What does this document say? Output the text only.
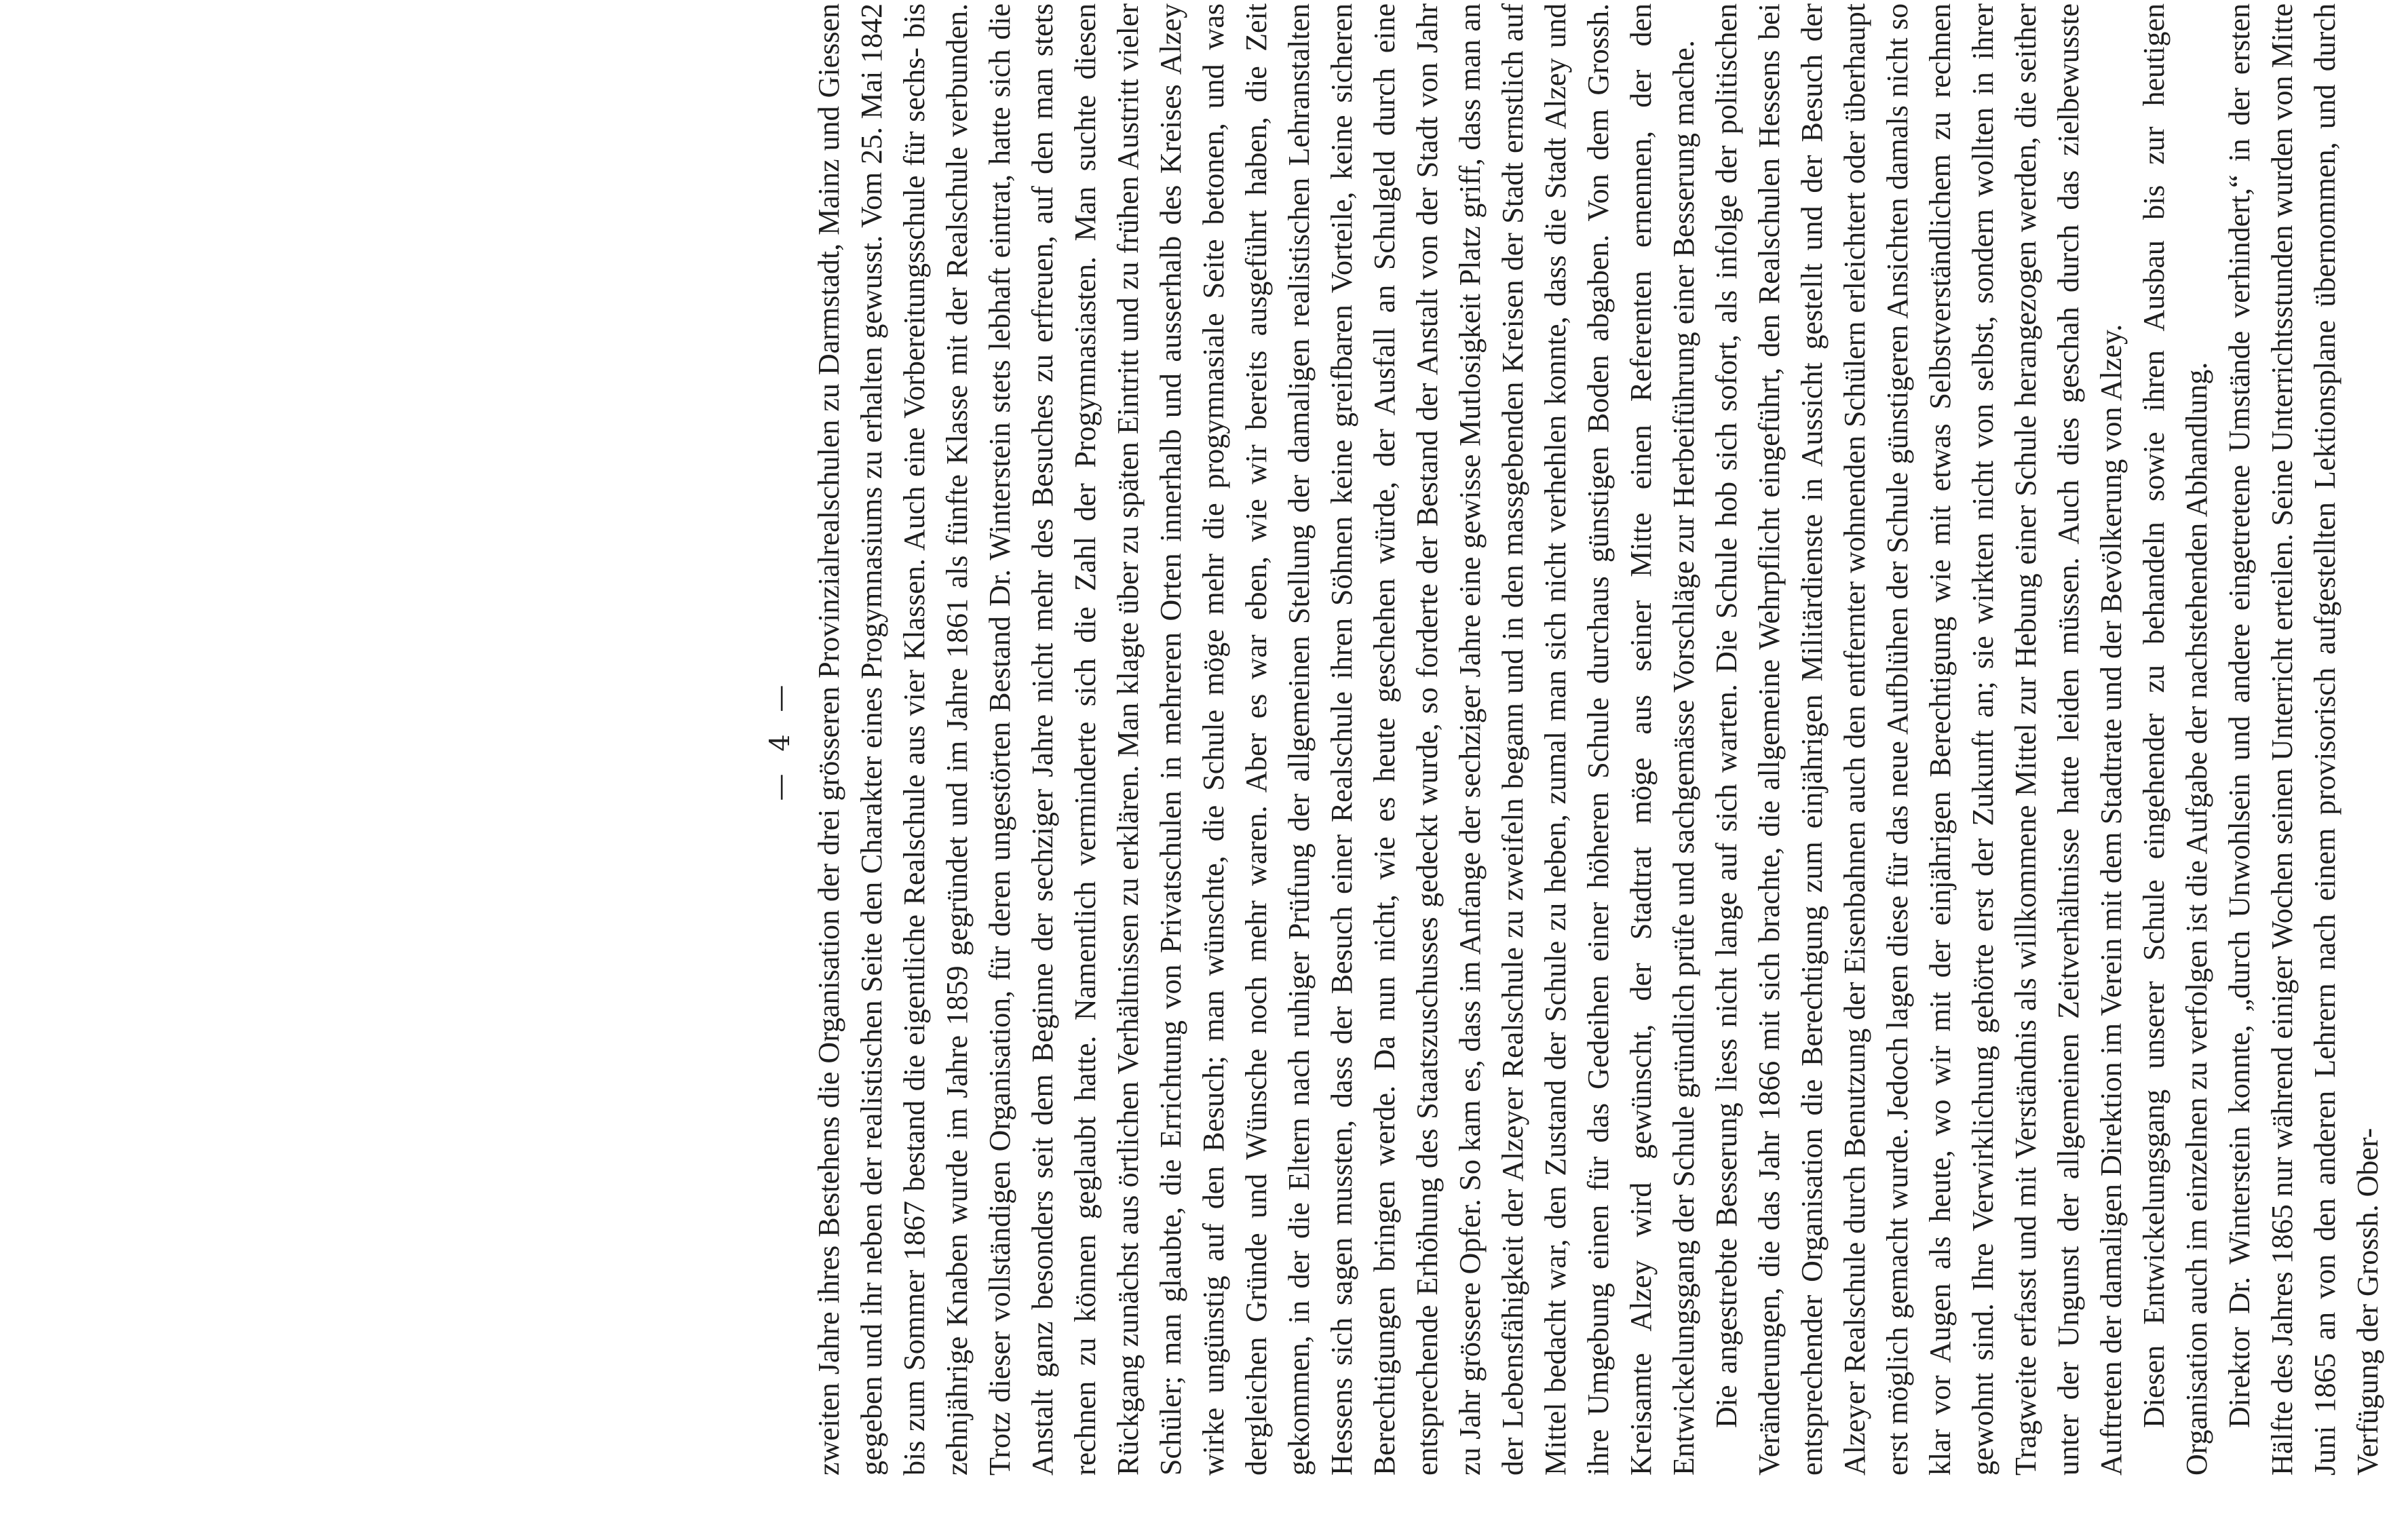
— 4 — zweiten Jahre ihres Bestehens die Organisation der drei grösseren Provinzialrealschulen zu Darmstadt, Mainz und Giessen gegeben und ihr neben der realistischen Seite den Charakter eines Progymnasiums zu erhalten gewusst. Vom 25. Mai 1842 bis zum Sommer 1867 bestand die eigentliche Realschule aus vier Klassen. Auch eine Vorbereitungsschule für sechs- bis zehnjährige Knaben wurde im Jahre 1859 gegründet und im Jahre 1861 als fünfte Klasse mit der Realschule verbunden. Trotz dieser vollständigen Organisation, für deren ungestörten Bestand Dr. Winterstein stets lebhaft eintrat, hatte sich die Anstalt ganz besonders seit dem Beginne der sechziger Jahre nicht mehr des Besuches zu erfreuen, auf den man stets rechnen zu können geglaubt hatte. Namentlich verminderte sich die Zahl der Progymnasiasten. Man suchte diesen Rückgang zunächst aus örtlichen Verhältnissen zu erklären. Man klagte über zu späten Eintritt und zu frühen Austritt vieler Schüler; man glaubte, die Errichtung von Privatschulen in mehreren Orten innerhalb und ausserhalb des Kreises Alzey wirke ungünstig auf den Besuch; man wünschte, die Schule möge mehr die progymnasiale Seite betonen, und was dergleichen Gründe und Wünsche noch mehr waren. Aber es war eben, wie wir bereits ausgeführt haben, die Zeit gekommen, in der die Eltern nach ruhiger Prüfung der allgemeinen Stellung der damaligen realistischen Lehranstalten Hessens sich sagen mussten, dass der Besuch einer Realschule ihren Söhnen keine greifbaren Vorteile, keine sicheren Berechtigungen bringen werde. Da nun nicht, wie es heute geschehen würde, der Ausfall an Schulgeld durch eine entsprechende Erhöhung des Staatszuschusses gedeckt wurde, so forderte der Bestand der Anstalt von der Stadt von Jahr zu Jahr grössere Opfer. So kam es, dass im Anfange der sechziger Jahre eine gewisse Mutlosigkeit Platz griff, dass man an der Lebensfähigkeit der Alzeyer Realschule zu zweifeln begann und in den massgebenden Kreisen der Stadt ernstlich auf Mittel bedacht war, den Zustand der Schule zu heben, zumal man sich nicht verhehlen konnte, dass die Stadt Alzey und ihre Umgebung einen für das Gedeihen einer höheren Schule durchaus günstigen Boden abgaben. Von dem Grossh. Kreisamte Alzey wird gewünscht, der Stadtrat möge aus seiner Mitte einen Referenten ernennen, der den Entwickelungsgang der Schule gründlich prüfe und sachgemässe Vorschläge zur Herbeiführung einer Besserung mache. Die angestrebte Besserung liess nicht lange auf sich warten. Die Schule hob sich sofort, als infolge der politischen Veränderungen, die das Jahr 1866 mit sich brachte, die allgemeine Wehrpflicht eingeführt, den Realschulen Hessens bei entsprechender Organisation die Berechtigung zum einjährigen Militärdienste in Aussicht gestellt und der Besuch der Alzeyer Realschule durch Benutzung der Eisenbahnen auch den entfernter wohnenden Schülern erleichtert oder überhaupt erst möglich gemacht wurde. Jedoch lagen diese für das neue Aufblühen der Schule günstigeren Ansichten damals nicht so klar vor Augen als heute, wo wir mit der einjährigen Berechtigung wie mit etwas Selbstverständlichem zu rechnen gewohnt sind. Ihre Verwirklichung gehörte erst der Zukunft an; sie wirkten nicht von selbst, sondern wollten in ihrer Tragweite erfasst und mit Verständnis als willkommene Mittel zur Hebung einer Schule herangezogen werden, die seither unter der Ungunst der allgemeinen Zeitverhältnisse hatte leiden müssen. Auch dies geschah durch das zielbewusste Auftreten der damaligen Direktion im Verein mit dem Stadtrate und der Bevölkerung von Alzey. Diesen Entwickelungsgang unserer Schule eingehender zu behandeln sowie ihren Ausbau bis zur heutigen Organisation auch im einzelnen zu verfolgen ist die Aufgabe der nachstehenden Abhandlung. Direktor Dr. Winterstein konnte, „durch Unwohlsein und andere eingetretene Umstände verhindert,“ in der ersten Hälfte des Jahres 1865 nur während einiger Wochen seinen Unterricht erteilen. Seine Unterrichtsstunden wurden von Mitte Juni 1865 an von den anderen Lehrern nach einem provisorisch aufgestellten Lektionsplane übernommen, und durch Verfügung der Grossh. Ober-
